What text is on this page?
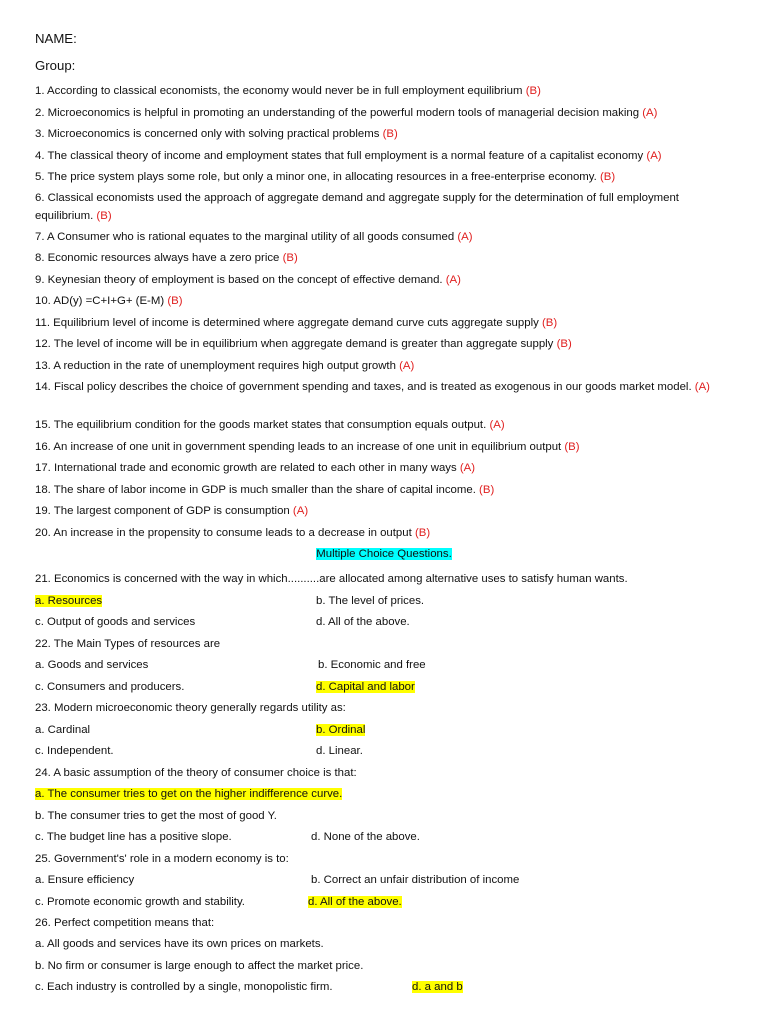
NAME:
Group:
1. According to classical economists, the economy would never be in full employment equilibrium (B)
2. Microeconomics is helpful in promoting an understanding of the powerful modern tools of managerial decision making (A)
3. Microeconomics is concerned only with solving practical problems (B)
4. The classical theory of income and employment states that full employment is a normal feature of a capitalist economy (A)
5. The price system plays some role, but only a minor one, in allocating resources in a free-enterprise economy. (B)
6. Classical economists used the approach of aggregate demand and aggregate supply for the determination of full employment equilibrium. (B)
7. A Consumer who is rational equates to the marginal utility of all goods consumed (A)
8. Economic resources always have a zero price (B)
9. Keynesian theory of employment is based on the concept of effective demand. (A)
10. AD(y) =C+I+G+ (E-M) (B)
11. Equilibrium level of income is determined where aggregate demand curve cuts aggregate supply (B)
12. The level of income will be in equilibrium when aggregate demand is greater than aggregate supply (B)
13. A reduction in the rate of unemployment requires high output growth (A)
14. Fiscal policy describes the choice of government spending and taxes, and is treated as exogenous in our goods market model. (A)
15. The equilibrium condition for the goods market states that consumption equals output. (A)
16. An increase of one unit in government spending leads to an increase of one unit in equilibrium output (B)
17. International trade and economic growth are related to each other in many ways (A)
18. The share of labor income in GDP is much smaller than the share of capital income. (B)
19. The largest component of GDP is consumption (A)
20. An increase in the propensity to consume leads to a decrease in output (B)
Multiple Choice Questions.
21. Economics is concerned with the way in which..........are allocated among alternative uses to satisfy human wants.
a. Resources	b. The level of prices.
c. Output of goods and services	d. All of the above.
22. The Main Types of resources are
a. Goods and services	b. Economic and free
c. Consumers and producers.	d. Capital and labor
23. Modern microeconomic theory generally regards utility as:
a. Cardinal	b. Ordinal
c. Independent.	d. Linear.
24. A basic assumption of the theory of consumer choice is that:
a. The consumer tries to get on the higher indifference curve.
b. The consumer tries to get the most of good Y.
c. The budget line has a positive slope.	d. None of the above.
25. Government's' role in a modern economy is to:
a. Ensure efficiency	b. Correct an unfair distribution of income
c. Promote economic growth and stability.	d. All of the above.
26. Perfect competition means that:
a. All goods and services have its own prices on markets.
b. No firm or consumer is large enough to affect the market price.
c. Each industry is controlled by a single, monopolistic firm.	d. a and b
